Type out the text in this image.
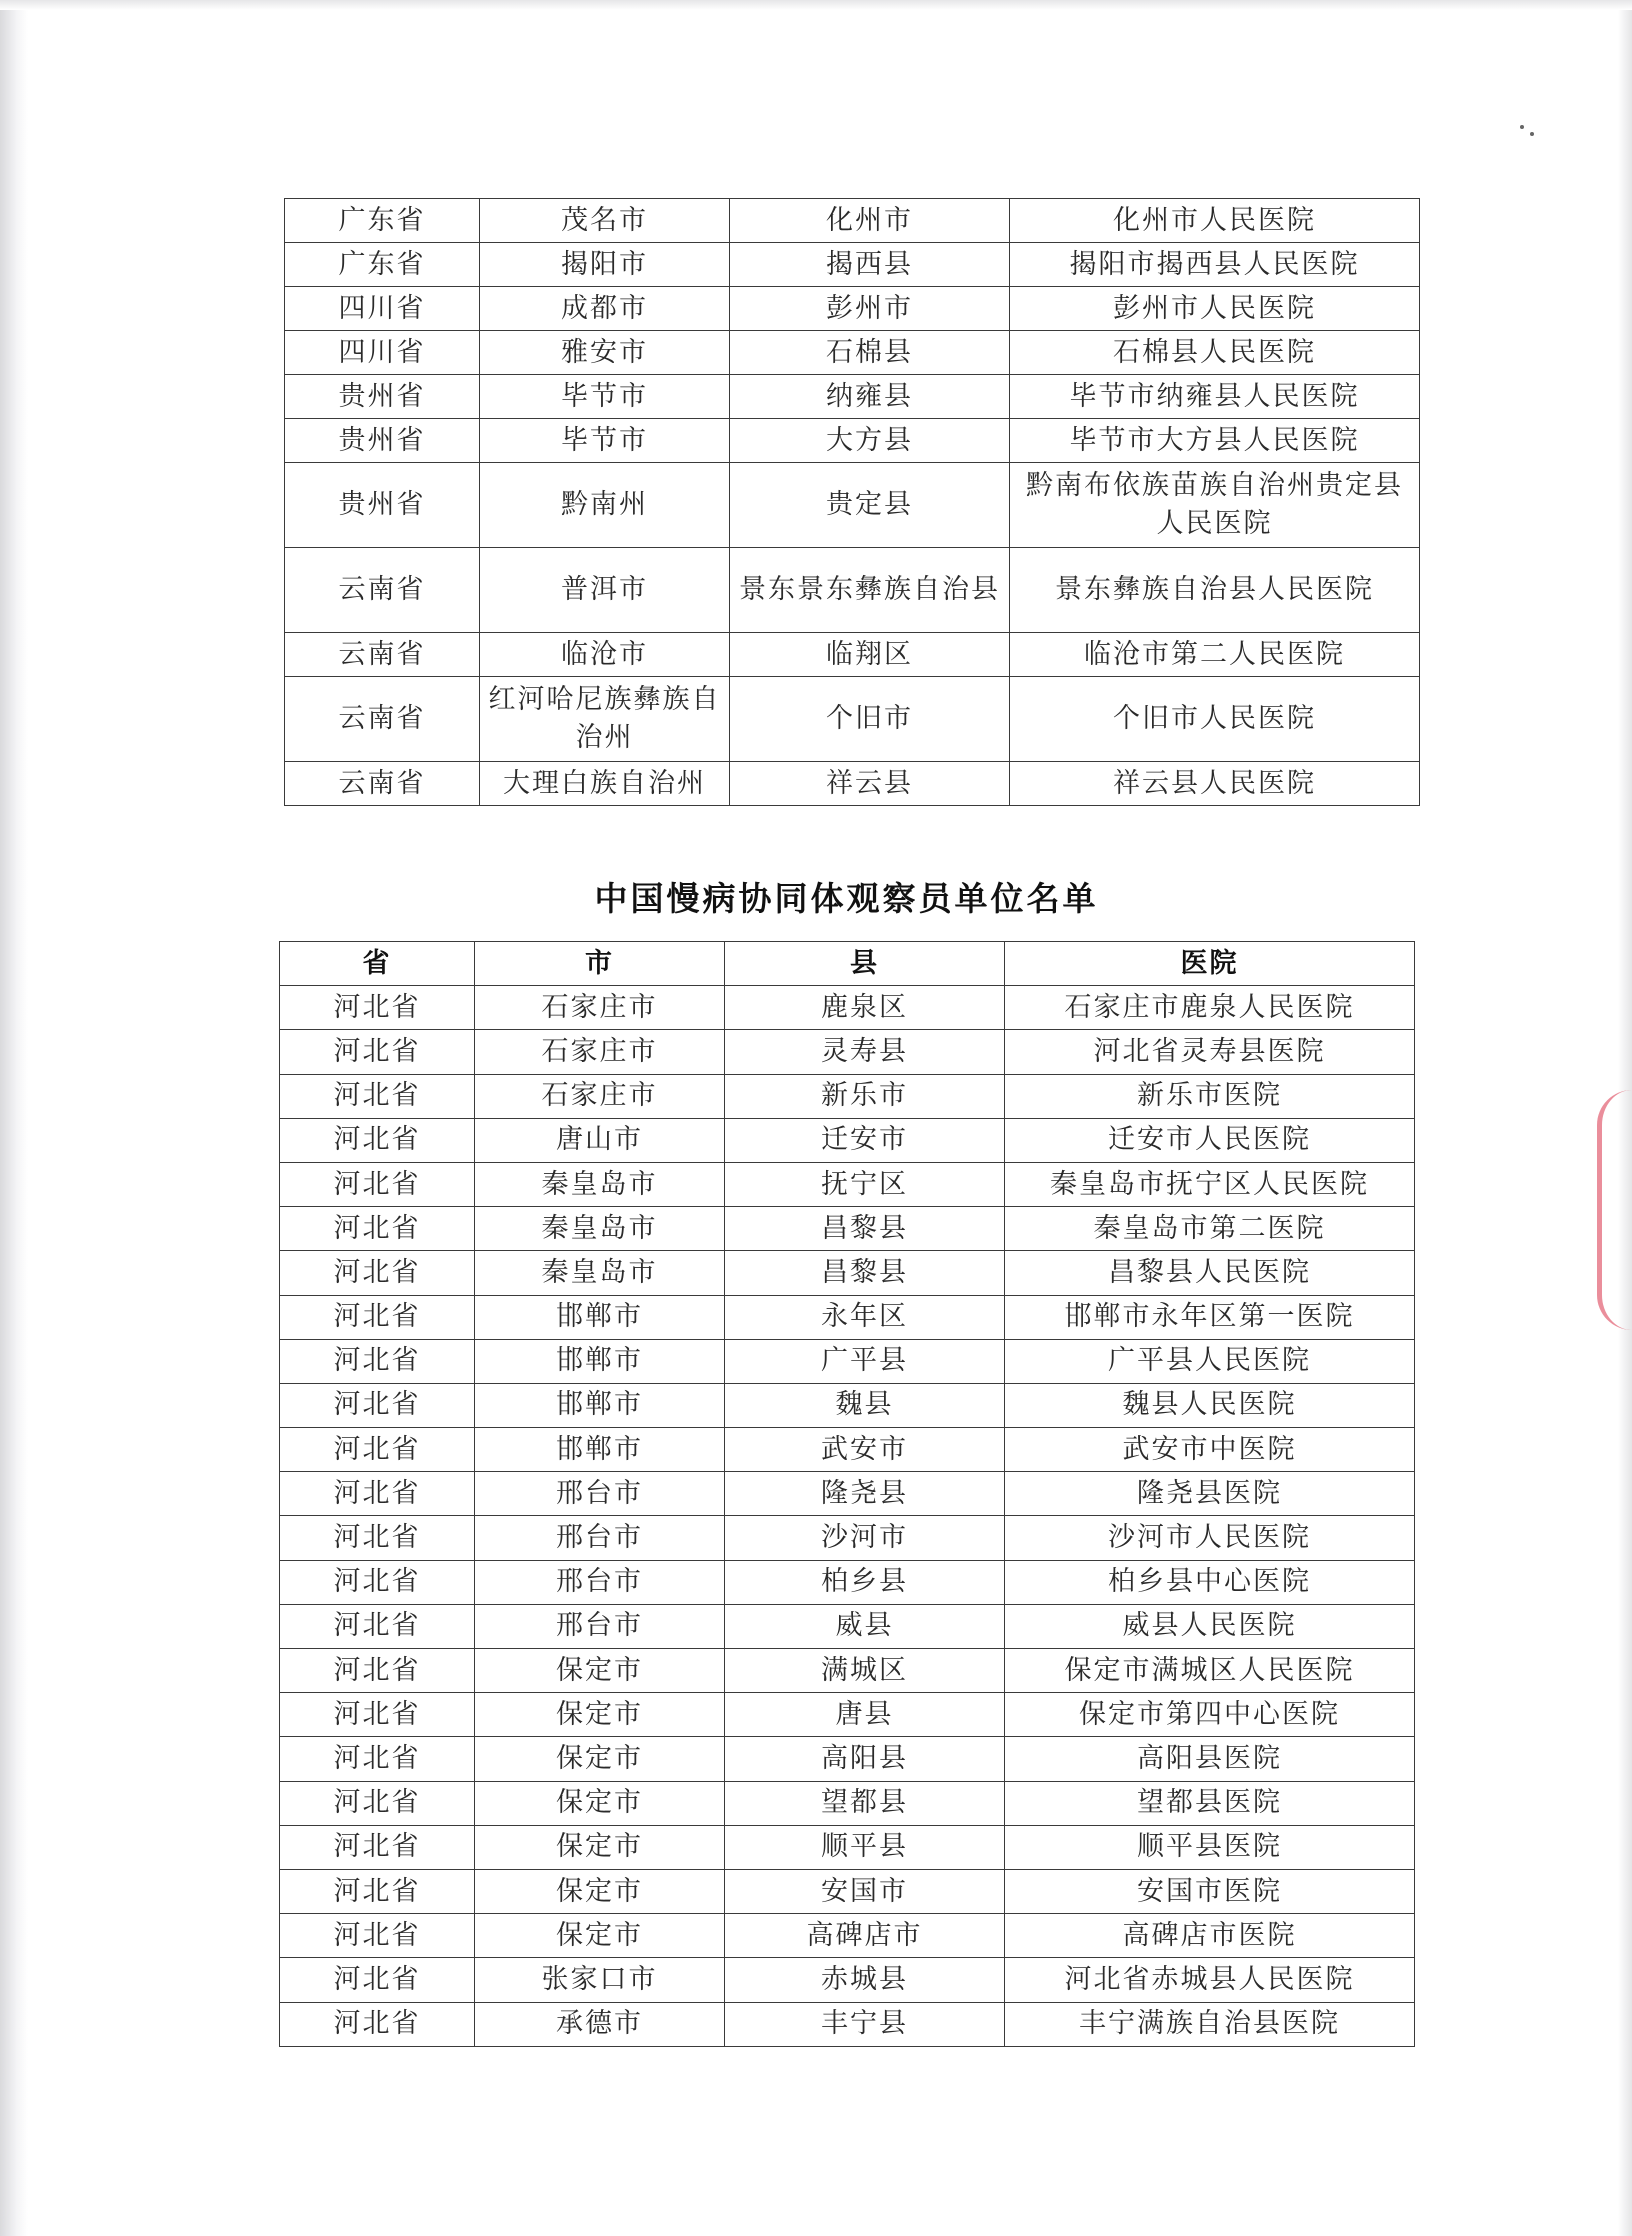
广东省	茂名市	化州市	化州市人民医院
广东省	揭阳市	揭西县	揭阳市揭西县人民医院
四川省	成都市	彭州市	彭州市人民医院
四川省	雅安市	石棉县	石棉县人民医院
贵州省	毕节市	纳雍县	毕节市纳雍县人民医院
贵州省	毕节市	大方县	毕节市大方县人民医院
贵州省	黔南州	贵定县	黔南布依族苗族自治州贵定县人民医院
云南省	普洱市	景东景东彝族自治县	景东彝族自治县人民医院
云南省	临沧市	临翔区	临沧市第二人民医院
云南省	红河哈尼族彝族自治州	个旧市	个旧市人民医院
云南省	大理白族自治州	祥云县	祥云县人民医院
中国慢病协同体观察员单位名单
省	市	县	医院
河北省	石家庄市	鹿泉区	石家庄市鹿泉人民医院
河北省	石家庄市	灵寿县	河北省灵寿县医院
河北省	石家庄市	新乐市	新乐市医院
河北省	唐山市	迁安市	迁安市人民医院
河北省	秦皇岛市	抚宁区	秦皇岛市抚宁区人民医院
河北省	秦皇岛市	昌黎县	秦皇岛市第二医院
河北省	秦皇岛市	昌黎县	昌黎县人民医院
河北省	邯郸市	永年区	邯郸市永年区第一医院
河北省	邯郸市	广平县	广平县人民医院
河北省	邯郸市	魏县	魏县人民医院
河北省	邯郸市	武安市	武安市中医院
河北省	邢台市	隆尧县	隆尧县医院
河北省	邢台市	沙河市	沙河市人民医院
河北省	邢台市	柏乡县	柏乡县中心医院
河北省	邢台市	威县	威县人民医院
河北省	保定市	满城区	保定市满城区人民医院
河北省	保定市	唐县	保定市第四中心医院
河北省	保定市	高阳县	高阳县医院
河北省	保定市	望都县	望都县医院
河北省	保定市	顺平县	顺平县医院
河北省	保定市	安国市	安国市医院
河北省	保定市	高碑店市	高碑店市医院
河北省	张家口市	赤城县	河北省赤城县人民医院
河北省	承德市	丰宁县	丰宁满族自治县医院
